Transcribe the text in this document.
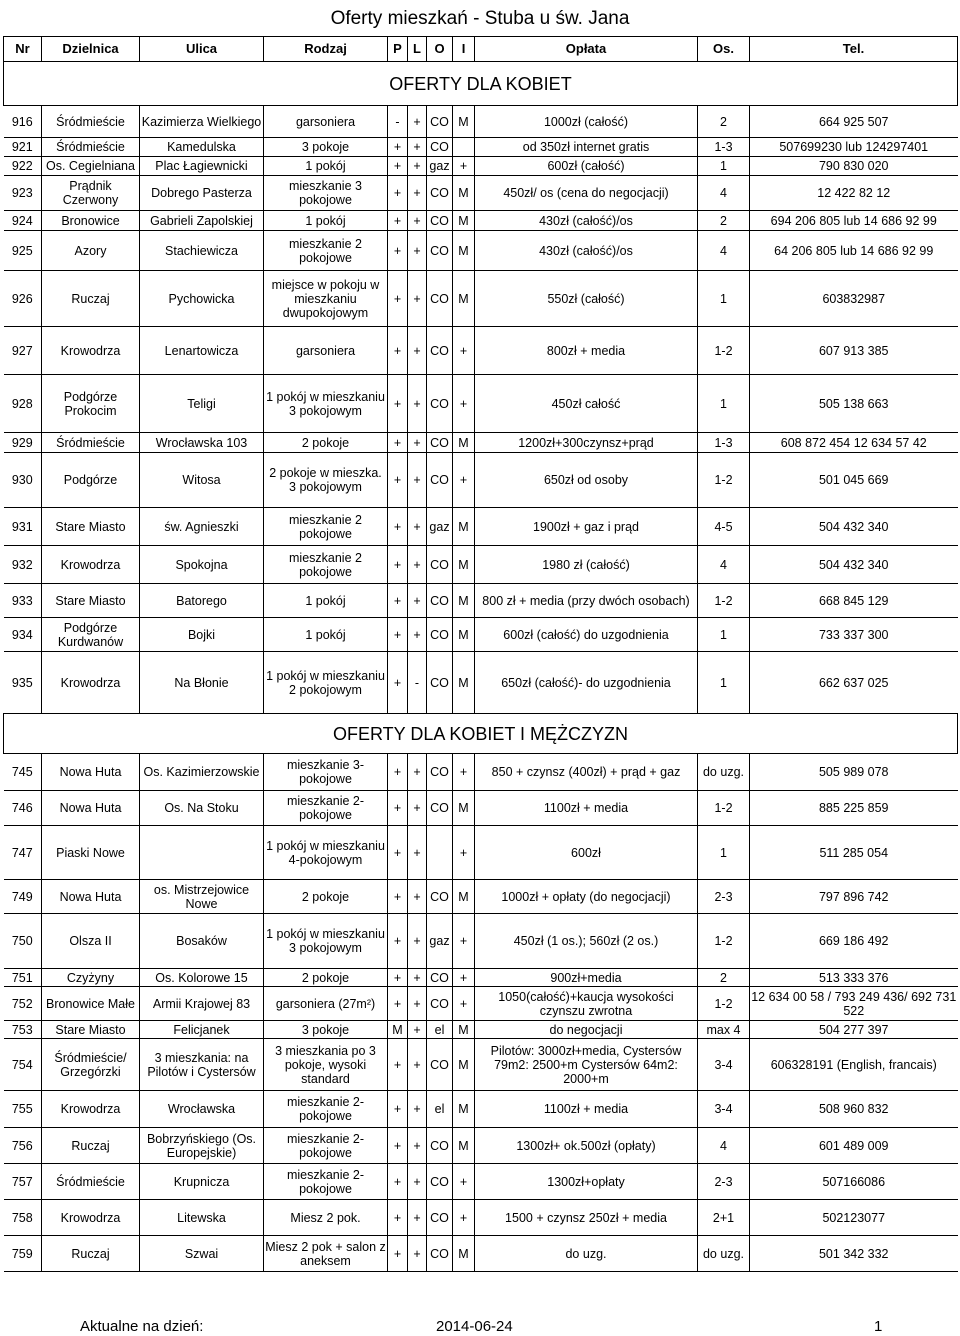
Oferty mieszkań - Stuba u św. Jana
Nr	Dzielnica	Ulica	Rodzaj	P	L	O	I	Opłata	Os.	Tel.
OFERTY DLA KOBIET										
916	Śródmieście	Kazimierza Wielkiego	garsoniera	-	+	CO	M	1000zł (całość)	2	664 925 507
921	Śródmieście	Kamedulska	3 pokoje	+	+	CO		od 350zł internet gratis	1-3	507699230 lub 124297401
922	Os. Cegielniana	Plac Łagiewnicki	1 pokój	+	+	gaz	+	600zł (całość)	1	790 830 020
923	Prądnik Czerwony	Dobrego Pasterza	mieszkanie 3 pokojowe	+	+	CO	M	450zł/ os (cena do negocjacji)	4	12 422 82 12
924	Bronowice	Gabrieli Zapolskiej	1 pokój	+	+	CO	M	430zł (całość)/os	2	694 206 805 lub 14 686 92 99
925	Azory	Stachiewicza	mieszkanie 2 pokojowe	+	+	CO	M	430zł (całość)/os	4	64 206 805 lub 14 686 92 99
926	Ruczaj	Pychowicka	miejsce w pokoju w mieszkaniu dwupokojowym	+	+	CO	M	550zł (całość)	1	603832987
927	Krowodrza	Lenartowicza	garsoniera	+	+	CO	+	800zł + media	1-2	607 913 385
928	Podgórze Prokocim	Teligi	1 pokój w mieszkaniu 3 pokojowym	+	+	CO	+	450zł całość	1	505 138 663
929	Śródmieście	Wrocławska 103	2 pokoje	+	+	CO	M	1200zł+300czynsz+prąd	1-3	608 872 454 12 634 57 42
930	Podgórze	Witosa	2 pokoje w mieszka. 3 pokojowym	+	+	CO	+	650zł od osoby	1-2	501 045 669
931	Stare Miasto	św. Agnieszki	mieszkanie 2 pokojowe	+	+	gaz	M	1900zł + gaz i prąd	4-5	504 432 340
932	Krowodrza	Spokojna	mieszkanie 2 pokojowe	+	+	CO	M	1980 zł (całość)	4	504 432 340
933	Stare Miasto	Batorego	1 pokój	+	+	CO	M	800 zł + media (przy dwóch osobach)	1-2	668 845 129
934	Podgórze Kurdwanów	Bojki	1 pokój	+	+	CO	M	600zł (całość) do uzgodnienia	1	733 337 300
935	Krowodrza	Na Błonie	1 pokój w mieszkaniu 2 pokojowym	+	-	CO	M	650zł (całość)- do uzgodnienia	1	662 637 025
OFERTY DLA KOBIET I MĘŻCZYZN										
745	Nowa Huta	Os. Kazimierzowskie	mieszkanie 3-pokojowe	+	+	CO	+	850 + czynsz (400zł) + prąd + gaz	do uzg.	505 989 078
746	Nowa Huta	Os. Na Stoku	mieszkanie 2-pokojowe	+	+	CO	M	1100zł + media	1-2	885 225 859
747	Piaski Nowe		1 pokój w mieszkaniu 4-pokojowym	+	+		+	600zł	1	511 285 054
749	Nowa Huta	os. Mistrzejowice Nowe	2 pokoje	+	+	CO	M	1000zł + opłaty (do negocjacji)	2-3	797 896 742
750	Olsza II	Bosaków	1 pokój w mieszkaniu 3 pokojowym	+	+	gaz	+	450zł (1 os.); 560zł (2 os.)	1-2	669 186 492
751	Czyżyny	Os. Kolorowe 15	2 pokoje	+	+	CO	+	900zł+media	2	513 333 376
752	Bronowice Małe	Armii Krajowej 83	garsoniera (27m²)	+	+	CO	+	1050(całość)+kaucja wysokości czynszu zwrotna	1-2	12 634 00 58 / 793 249 436/ 692 731 522
753	Stare Miasto	Felicjanek	3 pokoje	M	+	el	M	do negocjacji	max 4	504 277 397
754	Śródmieście/ Grzegórzki	3 mieszkania: na Pilotów i Cystersów	3 mieszkania po 3 pokoje, wysoki standard	+	+	CO	M	Pilotów: 3000zł+media, Cystersów 79m2: 2500+m Cystersów 64m2: 2000+m	3-4	606328191 (English, francais)
755	Krowodrza	Wrocławska	mieszkanie 2-pokojowe	+	+	el	M	1100zł + media	3-4	508 960 832
756	Ruczaj	Bobrzyńskiego (Os. Europejskie)	mieszkanie 2-pokojowe	+	+	CO	M	1300zł+ ok.500zł (opłaty)	4	601 489 009
757	Śródmieście	Krupnicza	mieszkanie 2-pokojowe	+	+	CO	+	1300zł+opłaty	2-3	507166086
758	Krowodrza	Litewska	Miesz 2 pok.	+	+	CO	+	1500 + czynsz 250zł + media	2+1	502123077
759	Ruczaj	Szwai	Miesz 2 pok + salon z aneksem	+	+	CO	M	do uzg.	do uzg.	501 342 332
Aktualne na dzień:	2014-06-24	1
